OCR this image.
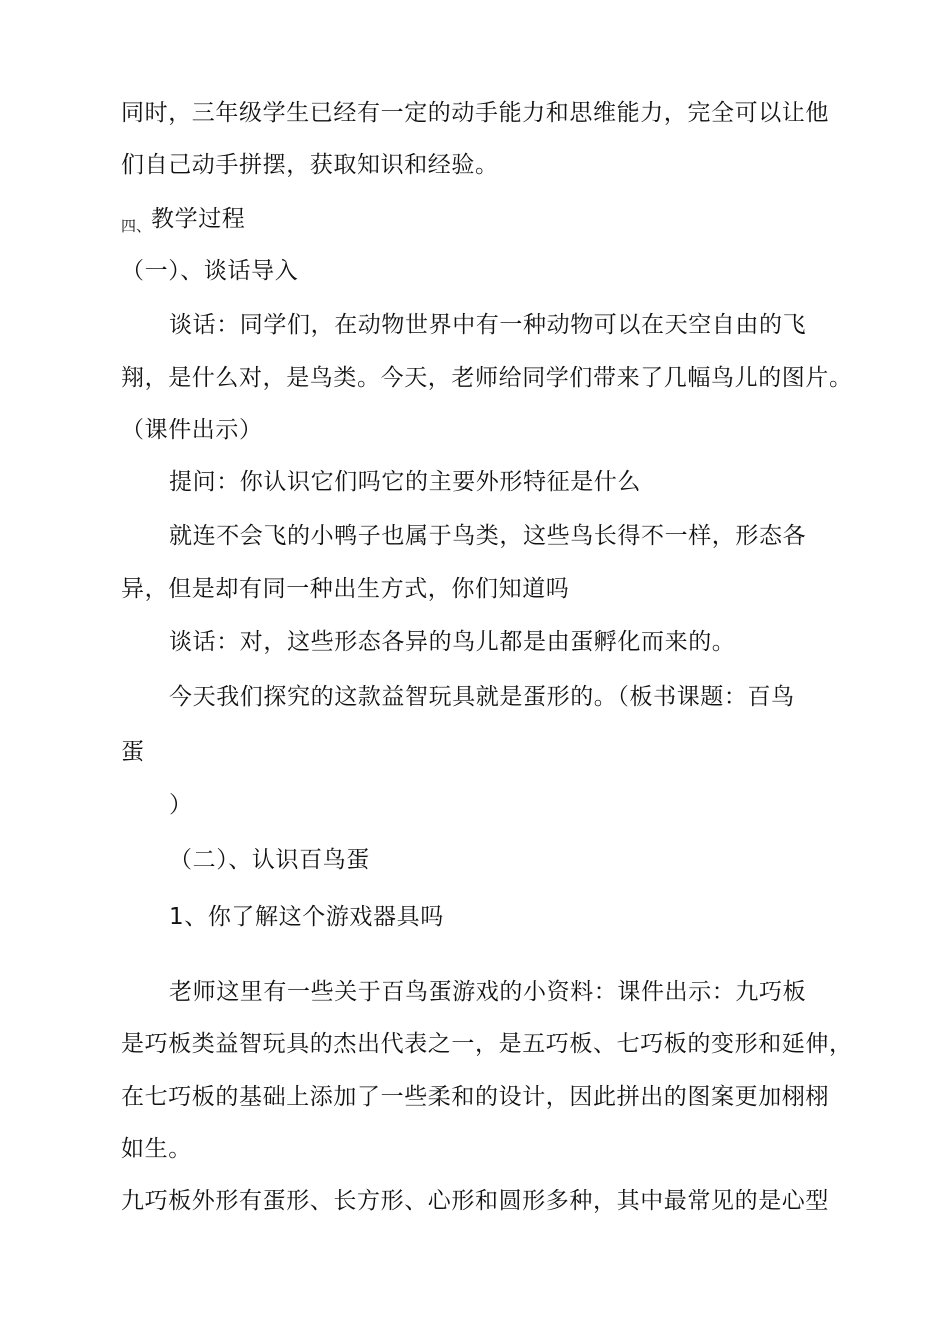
同时，三年级学生已经有一定的动手能力和思维能力，完全可以让他
们自己动手拼摆，获取知识和经验。
四、 教学过程
（一）、谈话导入
谈话：同学们，在动物世界中有一种动物可以在天空自由的飞
翔，是什么对，是鸟类。今天，老师给同学们带来了几幅鸟儿的图片。
（课件出示）
提问：你认识它们吗它的主要外形特征是什么
就连不会飞的小鸭子也属于鸟类，这些鸟长得不一样，形态各
异，但是却有同一种出生方式，你们知道吗
谈话：对，这些形态各异的鸟儿都是由蛋孵化而来的。
今天我们探究的这款益智玩具就是蛋形的。（板书课题：百鸟
蛋
）
（二）、认识百鸟蛋
1、你了解这个游戏器具吗
老师这里有一些关于百鸟蛋游戏的小资料：课件出示：九巧板
是巧板类益智玩具的杰出代表之一，是五巧板、七巧板的变形和延伸，
在七巧板的基础上添加了一些柔和的设计，因此拼出的图案更加栩栩
如生。
九巧板外形有蛋形、长方形、心形和圆形多种，其中最常见的是心型
